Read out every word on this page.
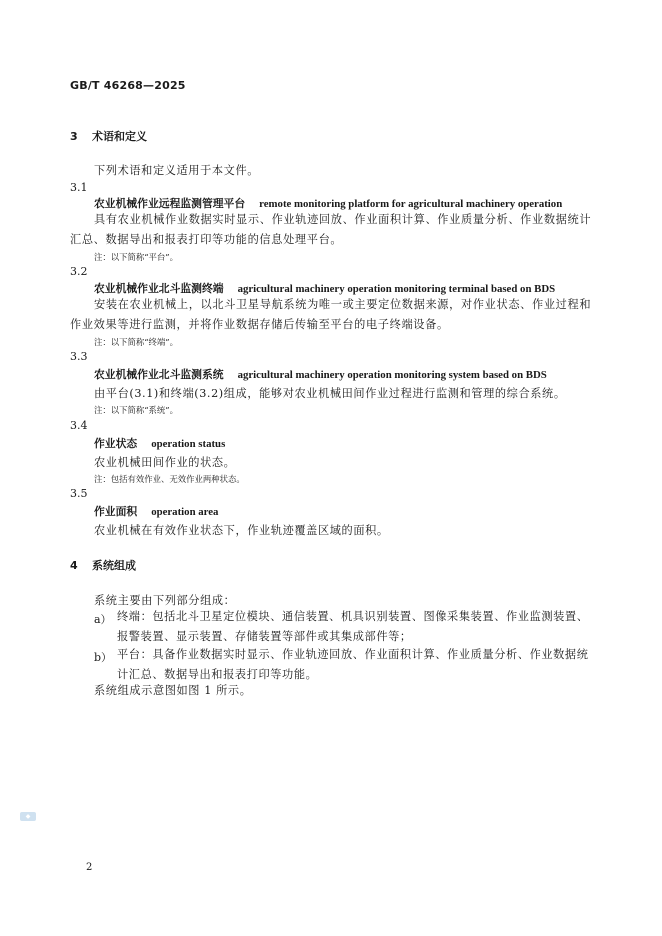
GB/T 46268—2025
3 术语和定义
下列术语和定义适用于本文件。
3.1
农业机械作业远程监测管理平台 remote monitoring platform for agricultural machinery operation
具有农业机械作业数据实时显示、作业轨迹回放、作业面积计算、作业质量分析、作业数据统计汇总、数据导出和报表打印等功能的信息处理平台。
注：以下简称“平台”。
3.2
农业机械作业北斗监测终端 agricultural machinery operation monitoring terminal based on BDS
安装在农业机械上，以北斗卫星导航系统为唯一或主要定位数据来源，对作业状态、作业过程和作业效果等进行监测，并将作业数据存储后传输至平台的电子终端设备。
注：以下简称“终端”。
3.3
农业机械作业北斗监测系统 agricultural machinery operation monitoring system based on BDS
由平台(3.1)和终端(3.2)组成，能够对农业机械田间作业过程进行监测和管理的综合系统。
注：以下简称“系统”。
3.4
作业状态 operation status
农业机械田间作业的状态。
注：包括有效作业、无效作业两种状态。
3.5
作业面积 operation area
农业机械在有效作业状态下，作业轨迹覆盖区域的面积。
4 系统组成
系统主要由下列部分组成：
a） 终端：包括北斗卫星定位模块、通信装置、机具识别装置、图像采集装置、作业监测装置、报警装置、显示装置、存储装置等部件或其集成部件等；
b） 平台：具备作业数据实时显示、作业轨迹回放、作业面积计算、作业质量分析、作业数据统计汇总、数据导出和报表打印等功能。
系统组成示意图如图 1 所示。
◆
2
